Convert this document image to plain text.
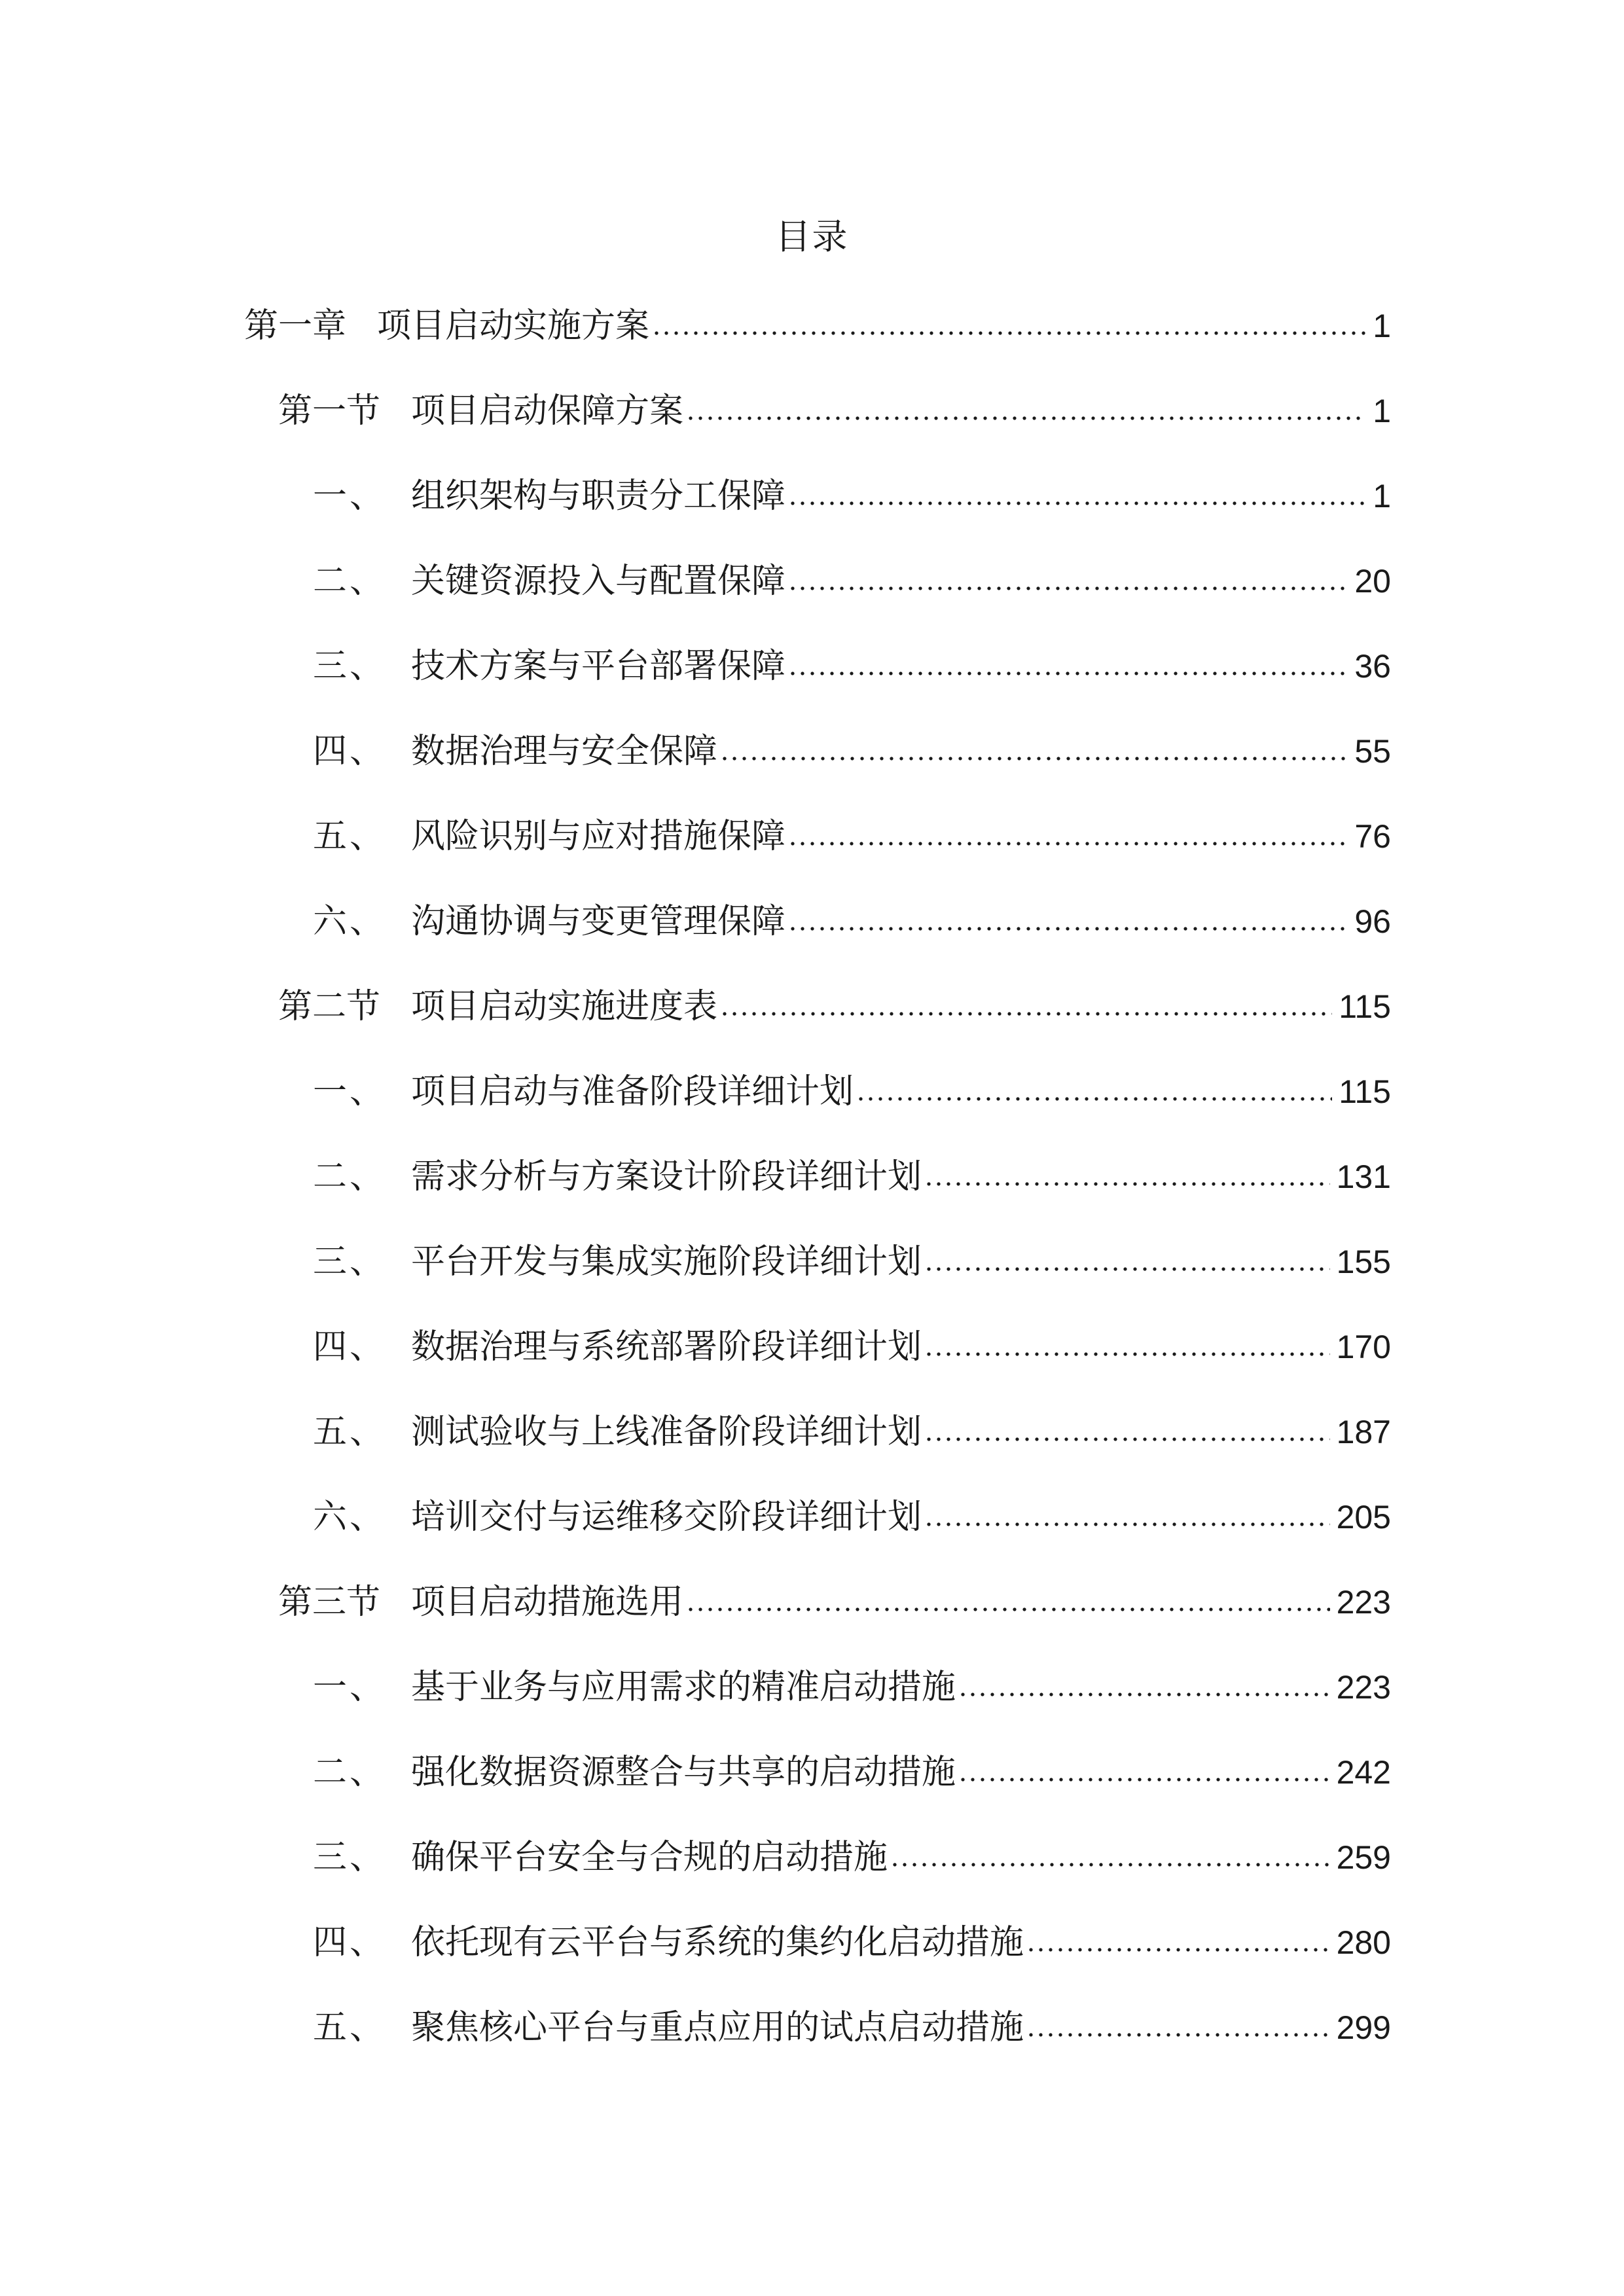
目录
第一章 项目启动实施方案	1
第一节 项目启动保障方案	1
一、 组织架构与职责分工保障	1
二、 关键资源投入与配置保障	20
三、 技术方案与平台部署保障	36
四、 数据治理与安全保障	55
五、 风险识别与应对措施保障	76
六、 沟通协调与变更管理保障	96
第二节 项目启动实施进度表	115
一、 项目启动与准备阶段详细计划	115
二、 需求分析与方案设计阶段详细计划	131
三、 平台开发与集成实施阶段详细计划	155
四、 数据治理与系统部署阶段详细计划	170
五、 测试验收与上线准备阶段详细计划	187
六、 培训交付与运维移交阶段详细计划	205
第三节 项目启动措施选用	223
一、 基于业务与应用需求的精准启动措施	223
二、 强化数据资源整合与共享的启动措施	242
三、 确保平台安全与合规的启动措施	259
四、 依托现有云平台与系统的集约化启动措施	280
五、 聚焦核心平台与重点应用的试点启动措施	299
